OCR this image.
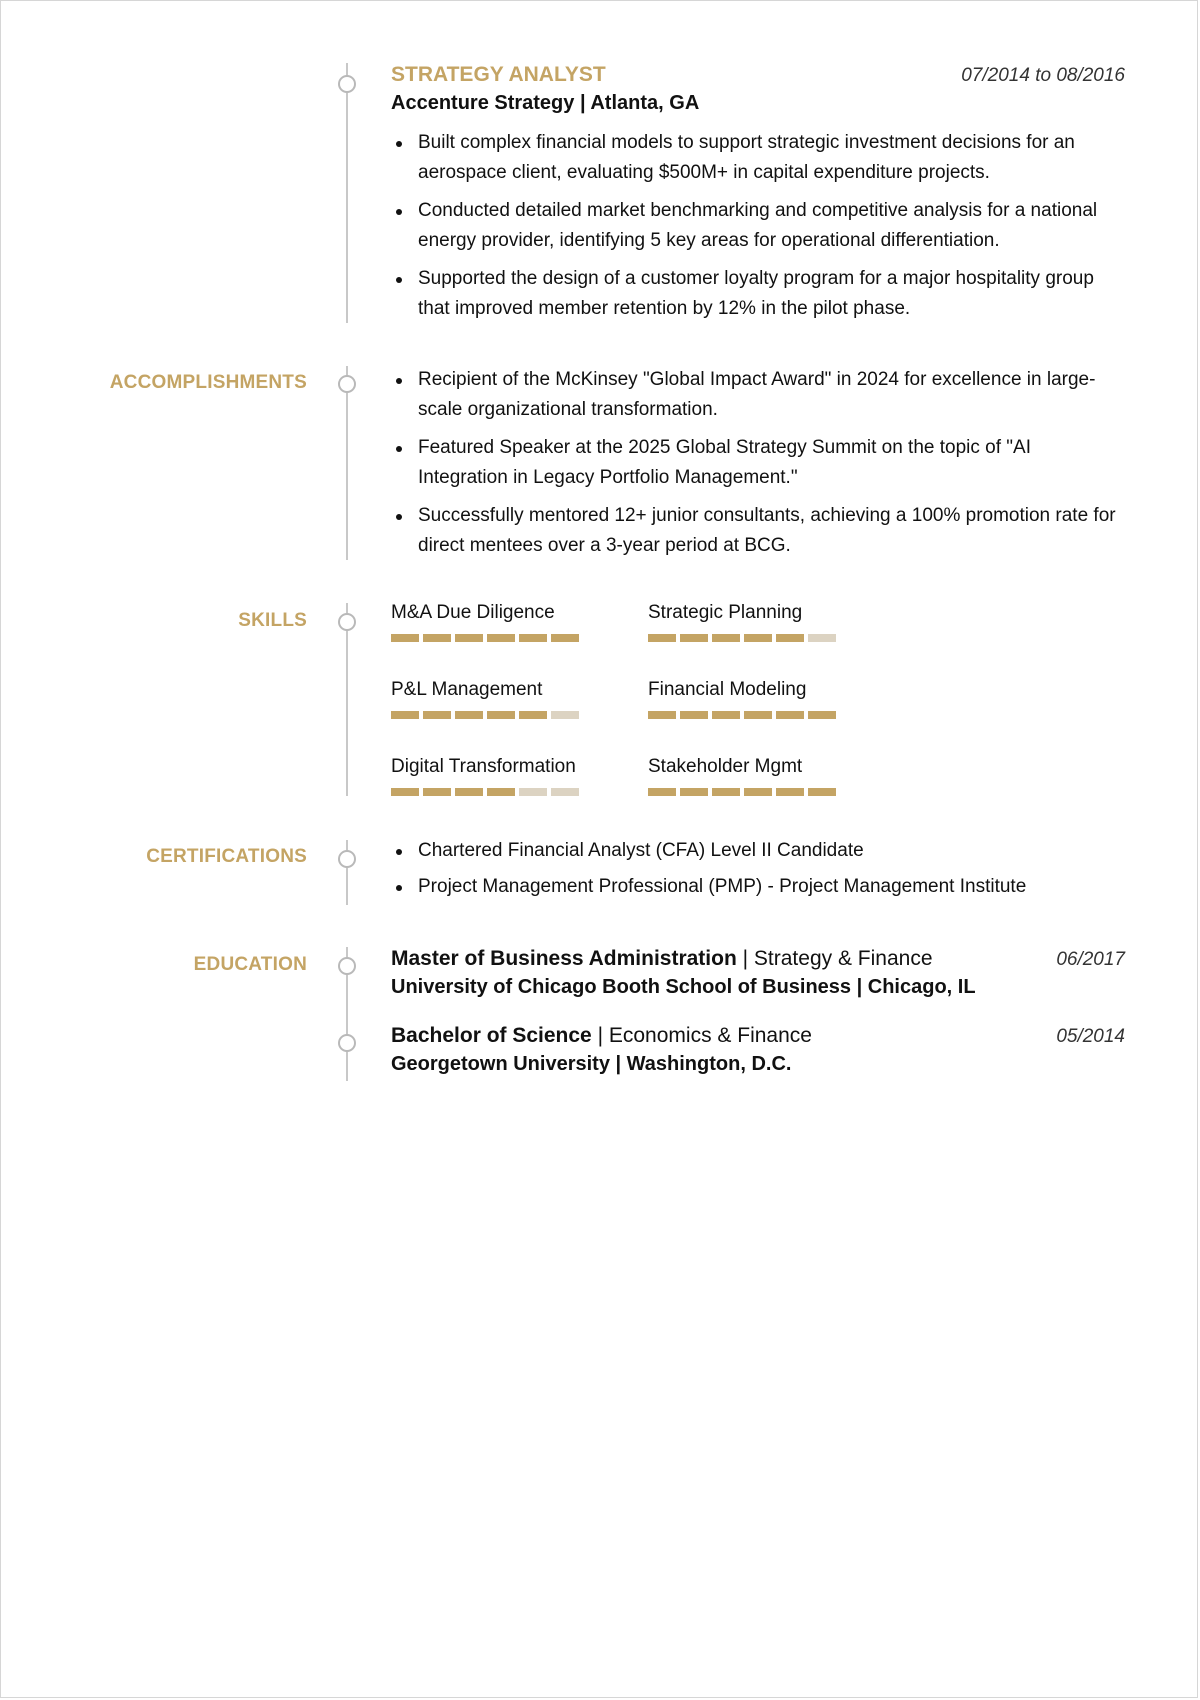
STRATEGY ANALYST	07/2014 to 08/2016
Accenture Strategy | Atlanta, GA
Built complex financial models to support strategic investment decisions for an aerospace client, evaluating $500M+ in capital expenditure projects.
Conducted detailed market benchmarking and competitive analysis for a national energy provider, identifying 5 key areas for operational differentiation.
Supported the design of a customer loyalty program for a major hospitality group that improved member retention by 12% in the pilot phase.
ACCOMPLISHMENTS	Recipient of the McKinsey "Global Impact Award" in 2024 for excellence in large-scale organizational transformation.
Featured Speaker at the 2025 Global Strategy Summit on the topic of "AI Integration in Legacy Portfolio Management."
Successfully mentored 12+ junior consultants, achieving a 100% promotion rate for direct mentees over a 3-year period at BCG.
SKILLS	M&A Due Diligence	Strategic Planning
P&L Management	Financial Modeling
Digital Transformation	Stakeholder Mgmt
CERTIFICATIONS	Chartered Financial Analyst (CFA) Level II Candidate
Project Management Professional (PMP) - Project Management Institute
EDUCATION	Master of Business Administration | Strategy & Finance	06/2017
University of Chicago Booth School of Business | Chicago, IL
Bachelor of Science | Economics & Finance	05/2014
Georgetown University | Washington, D.C.
